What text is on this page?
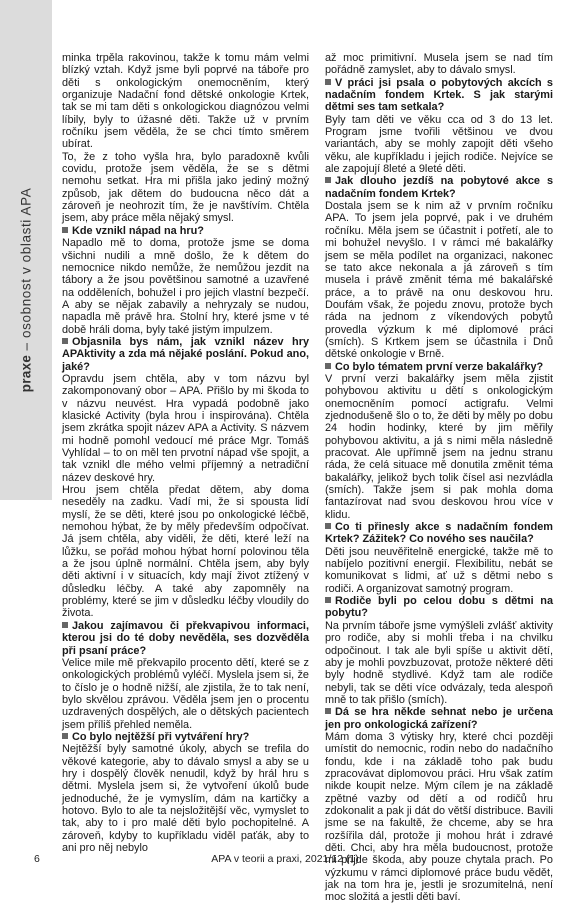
praxe – osobnost v oblasti APA

minka trpěla rakovinou, takže k tomu mám velmi blízký vztah. Když jsme byli poprvé na táboře pro děti s onkologickým onemocněním, který organizuje Nadační fond dětské onkologie Krtek, tak se mi tam děti s onkologickou diagnózou velmi líbily, byly to úžasné děti. Takže už v prvním ročníku jsem věděla, že se chci tímto směrem ubírat.

To, že z toho vyšla hra, bylo paradoxně kvůli covidu, protože jsem věděla, že se s dětmi nemohu setkat. Hra mi přišla jako jediný možný způsob, jak dětem do budoucna něco dát a zároveň je neohrozit tím, že je navštívím. Chtěla jsem, aby práce měla nějaký smysl.

Kde vznikl nápad na hru?

Napadlo mě to doma, protože jsme se doma všichni nudili a mně došlo, že k dětem do nemocnice nikdo nemůže, že nemůžou jezdit na tábory a že jsou povětšinou samotné a uzavřené na odděleních, bohužel i pro jejich vlastní bezpečí. A aby se nějak zabavily a nehryzaly se nudou, napadla mě právě hra. Stolní hry, které jsme v té době hráli doma, byly také jistým impulzem.

Objasnila bys nám, jak vznikl název hry APAktivity a zda má nějaké poslání. Pokud ano, jaké?

Opravdu jsem chtěla, aby v tom názvu byl zakomponovaný obor – APA. Přišlo by mi škoda to v názvu neuvést. Hra vypadá podobně jako klasické Activity (byla hrou i inspirována). Chtěla jsem zkrátka spojit název APA a Activity. S názvem mi hodně pomohl vedoucí mé práce Mgr. Tomáš Vyhlídal – to on měl ten prvotní nápad vše spojit, a tak vznikl dle mého velmi příjemný a netradiční název deskové hry.

Hrou jsem chtěla předat dětem, aby doma neseděly na zadku. Vadí mi, že si spousta lidí myslí, že se děti, které jsou po onkologické léčbě, nemohou hýbat, že by měly především odpočívat. Já jsem chtěla, aby viděli, že děti, které leží na lůžku, se pořád mohou hýbat horní polovinou těla a že jsou úplně normální. Chtěla jsem, aby byly děti aktivní i v situacích, kdy mají život ztížený v důsledku léčby. A také aby zapomněly na problémy, které se jim v důsledku léčby vloudily do života.

Jakou zajímavou či překvapivou informaci, kterou jsi do té doby nevěděla, ses dozvěděla při psaní práce?

Velice mile mě překvapilo procento dětí, které se z onkologických problémů vyléčí. Myslela jsem si, že to číslo je o hodně nižší, ale zjistila, že to tak není, bylo skvělou zprávou. Věděla jsem jen o procentu uzdravených dospělých, ale o dětských pacientech jsem příliš přehled neměla.

Co bylo nejtěžší při vytváření hry?

Nejtěžší byly samotné úkoly, abych se trefila do věkové kategorie, aby to dávalo smysl a aby se u hry i dospělý člověk nenudil, když by hrál hru s dětmi. Myslela jsem si, že vytvoření úkolů bude jednoduché, že je vymyslím, dám na kartičky a hotovo. Bylo to ale ta nejsložitější věc, vymyslet to tak, aby to i pro malé děti bylo pochopitelné. A zároveň, kdyby to kupříkladu viděl paťák, aby to ani pro něj nebylo

až moc primitivní. Musela jsem se nad tím pořádně zamyslet, aby to dávalo smysl.

V práci jsi psala o pobytových akcích s nadačním fondem Krtek. S jak starými dětmi ses tam setkala?

Byly tam děti ve věku cca od 3 do 13 let. Program jsme tvořili většinou ve dvou variantách, aby se mohly zapojit děti všeho věku, ale kupříkladu i jejich rodiče. Nejvíce se ale zapojují 8leté a 9leté děti.

Jak dlouho jezdíš na pobytové akce s nadačním fondem Krtek?

Dostala jsem se k nim až v prvním ročníku APA. To jsem jela poprvé, pak i ve druhém ročníku. Měla jsem se účastnit i potřetí, ale to mi bohužel nevyšlo. I v rámci mé bakalářky jsem se měla podílet na organizaci, nakonec se tato akce nekonala a já zároveň s tím musela i právě změnit téma mé bakalářské práce, a to právě na onu deskovou hru. Doufám však, že pojedu znovu, protože bych ráda na jednom z víkendových pobytů provedla výzkum k mé diplomové práci (smích). S Krtkem jsem se účastnila i Dnů dětské onkologie v Brně.

Co bylo tématem první verze bakalářky?

V první verzi bakalářky jsem měla zjistit pohybovou aktivitu u dětí s onkologickým onemocněním pomocí actigrafu. Velmi zjednodušeně šlo o to, že děti by měly po dobu 24 hodin hodinky, které by jim měřily pohybovou aktivitu, a já s nimi měla následně pracovat. Ale upřímně jsem na jednu stranu ráda, že celá situace mě donutila změnit téma bakalářky, jelikož bych tolik čísel asi nezvládla (smích). Takže jsem si pak mohla doma fantazírovat nad svou deskovou hrou více v klidu.

Co ti přinesly akce s nadačním fondem Krtek? Zážitek? Co nového ses naučila?

Děti jsou neuvěřitelně energické, takže mě to nabíjelo pozitivní energií. Flexibilitu, nebát se komunikovat s lidmi, ať už s dětmi nebo s rodiči. A organizovat samotný program.

Rodiče byli po celou dobu s dětmi na pobytu?

Na prvním táboře jsme vymýšleli zvlášť aktivity pro rodiče, aby si mohli třeba i na chvilku odpočinout. I tak ale byli spíše u aktivit dětí, aby je mohli povzbuzovat, protože některé děti byly hodně stydlivé. Když tam ale rodiče nebyli, tak se děti více odvázaly, teda alespoň mně to tak přišlo (smích).

Dá se hra někde sehnat nebo je určena jen pro onkologická zařízení?

Mám doma 3 výtisky hry, které chci později umístit do nemocnic, rodin nebo do nadačního fondu, kde i na základě toho pak budu zpracovávat diplomovou práci. Hru však zatím nikde koupit nelze. Mým cílem je na základě zpětné vazby od dětí a od rodičů hru zdokonalit a pak ji dát do větší distribuce. Bavili jsme se na fakultě, že chceme, aby se hra rozšířila dál, protože ji mohou hrát i zdravé děti. Chci, aby hra měla budoucnost, protože mi přijde škoda, aby pouze chytala prach. Po výzkumu v rámci diplomové práce budu vědět, jak na tom hra je, jestli je srozumitelná, není moc složitá a jestli děti baví.

6	APA v teorii a praxi, 2021/12 (1)
